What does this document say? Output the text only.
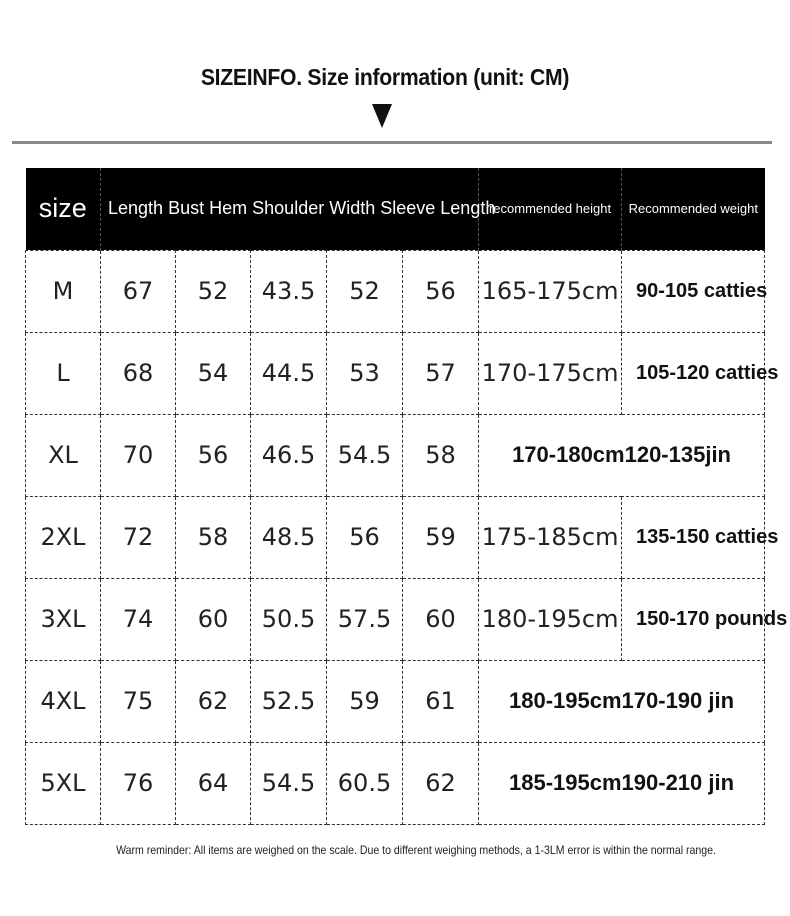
SIZEINFO. Size information (unit: CM)
size	Length Bust Hem Shoulder Width Sleeve Length					recommended height	Recommended weight
M	67	52	43.5	52	56	165-175cm	90-105 catties
L	68	54	44.5	53	57	170-175cm	105-120 catties
XL	70	56	46.5	54.5	58	170-180cm120-135jin	
2XL	72	58	48.5	56	59	175-185cm	135-150 catties
3XL	74	60	50.5	57.5	60	180-195cm	150-170 pounds
4XL	75	62	52.5	59	61	180-195cm170-190 jin	
5XL	76	64	54.5	60.5	62	185-195cm190-210 jin	
Warm reminder: All items are weighed on the scale. Due to different weighing methods, a 1-3LM error is within the normal range.
